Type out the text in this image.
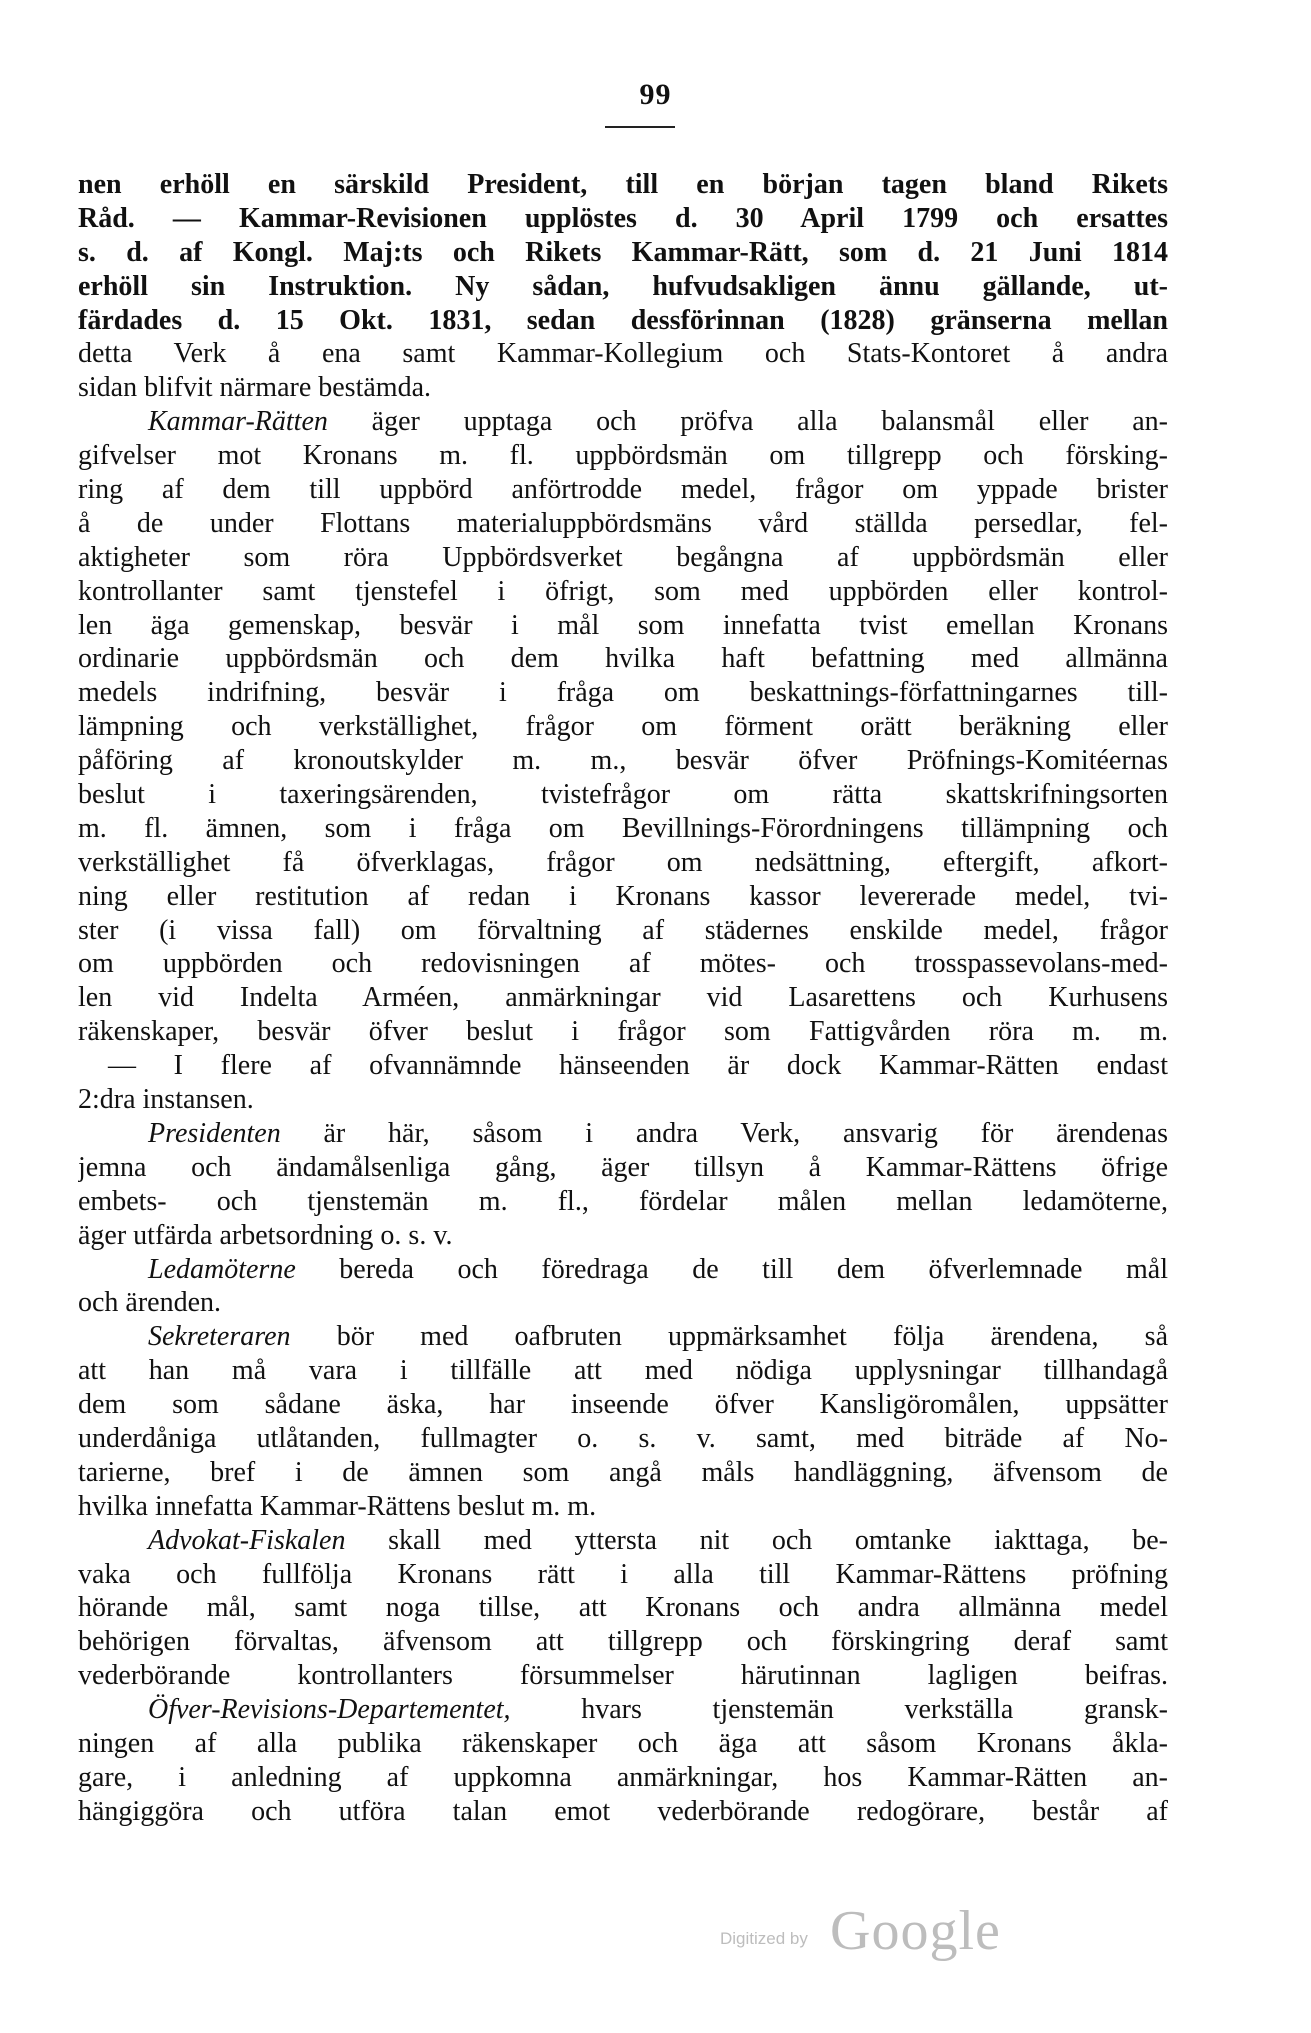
99
nen erhöll en särskild President, till en början tagen bland Rikets
Råd. — Kammar-Revisionen upplöstes d. 30 April 1799 och ersattes
s. d. af Kongl. Maj:ts och Rikets Kammar-Rätt, som d. 21 Juni 1814
erhöll sin Instruktion. Ny sådan, hufvudsakligen ännu gällande, ut-
färdades d. 15 Okt. 1831, sedan dessförinnan (1828) gränserna mellan
detta Verk å ena samt Kammar-Kollegium och Stats-Kontoret å andra
sidan blifvit närmare bestämda.
Kammar-Rätten äger upptaga och pröfva alla balansmål eller an-
gifvelser mot Kronans m. fl. uppbördsmän om tillgrepp och försking-
ring af dem till uppbörd anförtrodde medel, frågor om yppade brister
å de under Flottans materialuppbördsmäns vård ställda persedlar, fel-
aktigheter som röra Uppbördsverket begångna af uppbördsmän eller
kontrollanter samt tjenstefel i öfrigt, som med uppbörden eller kontrol-
len äga gemenskap, besvär i mål som innefatta tvist emellan Kronans
ordinarie uppbördsmän och dem hvilka haft befattning med allmänna
medels indrifning, besvär i fråga om beskattnings-författningarnes till-
lämpning och verkställighet, frågor om förment orätt beräkning eller
påföring af kronoutskylder m. m., besvär öfver Pröfnings-Komitéernas
beslut i taxeringsärenden, tvistefrågor om rätta skattskrifningsorten
m. fl. ämnen, som i fråga om Bevillnings-Förordningens tillämpning och
verkställighet få öfverklagas, frågor om nedsättning, eftergift, afkort-
ning eller restitution af redan i Kronans kassor levererade medel, tvi-
ster (i vissa fall) om förvaltning af städernes enskilde medel, frågor
om uppbörden och redovisningen af mötes- och trosspassevolans-med-
len vid Indelta Arméen, anmärkningar vid Lasarettens och Kurhusens
räkenskaper, besvär öfver beslut i frågor som Fattigvården röra m. m.
— I flere af ofvannämnde hänseenden är dock Kammar-Rätten endast
2:dra instansen.
Presidenten är här, såsom i andra Verk, ansvarig för ärendenas
jemna och ändamålsenliga gång, äger tillsyn å Kammar-Rättens öfrige
embets- och tjenstemän m. fl., fördelar målen mellan ledamöterne,
äger utfärda arbetsordning o. s. v.
Ledamöterne bereda och föredraga de till dem öfverlemnade mål
och ärenden.
Sekreteraren bör med oafbruten uppmärksamhet följa ärendena, så
att han må vara i tillfälle att med nödiga upplysningar tillhandagå
dem som sådane äska, har inseende öfver Kansligöromålen, uppsätter
underdåniga utlåtanden, fullmagter o. s. v. samt, med biträde af No-
tarierne, bref i de ämnen som angå måls handläggning, äfvensom de
hvilka innefatta Kammar-Rättens beslut m. m.
Advokat-Fiskalen skall med yttersta nit och omtanke iakttaga, be-
vaka och fullfölja Kronans rätt i alla till Kammar-Rättens pröfning
hörande mål, samt noga tillse, att Kronans och andra allmänna medel
behörigen förvaltas, äfvensom att tillgrepp och förskingring deraf samt
vederbörande kontrollanters försummelser härutinnan lagligen beifras.
Öfver-Revisions-Departementet, hvars tjenstemän verkställa gransk-
ningen af alla publika räkenskaper och äga att såsom Kronans åkla-
gare, i anledning af uppkomna anmärkningar, hos Kammar-Rätten an-
hängiggöra och utföra talan emot vederbörande redogörare, består af
Digitized by Google
